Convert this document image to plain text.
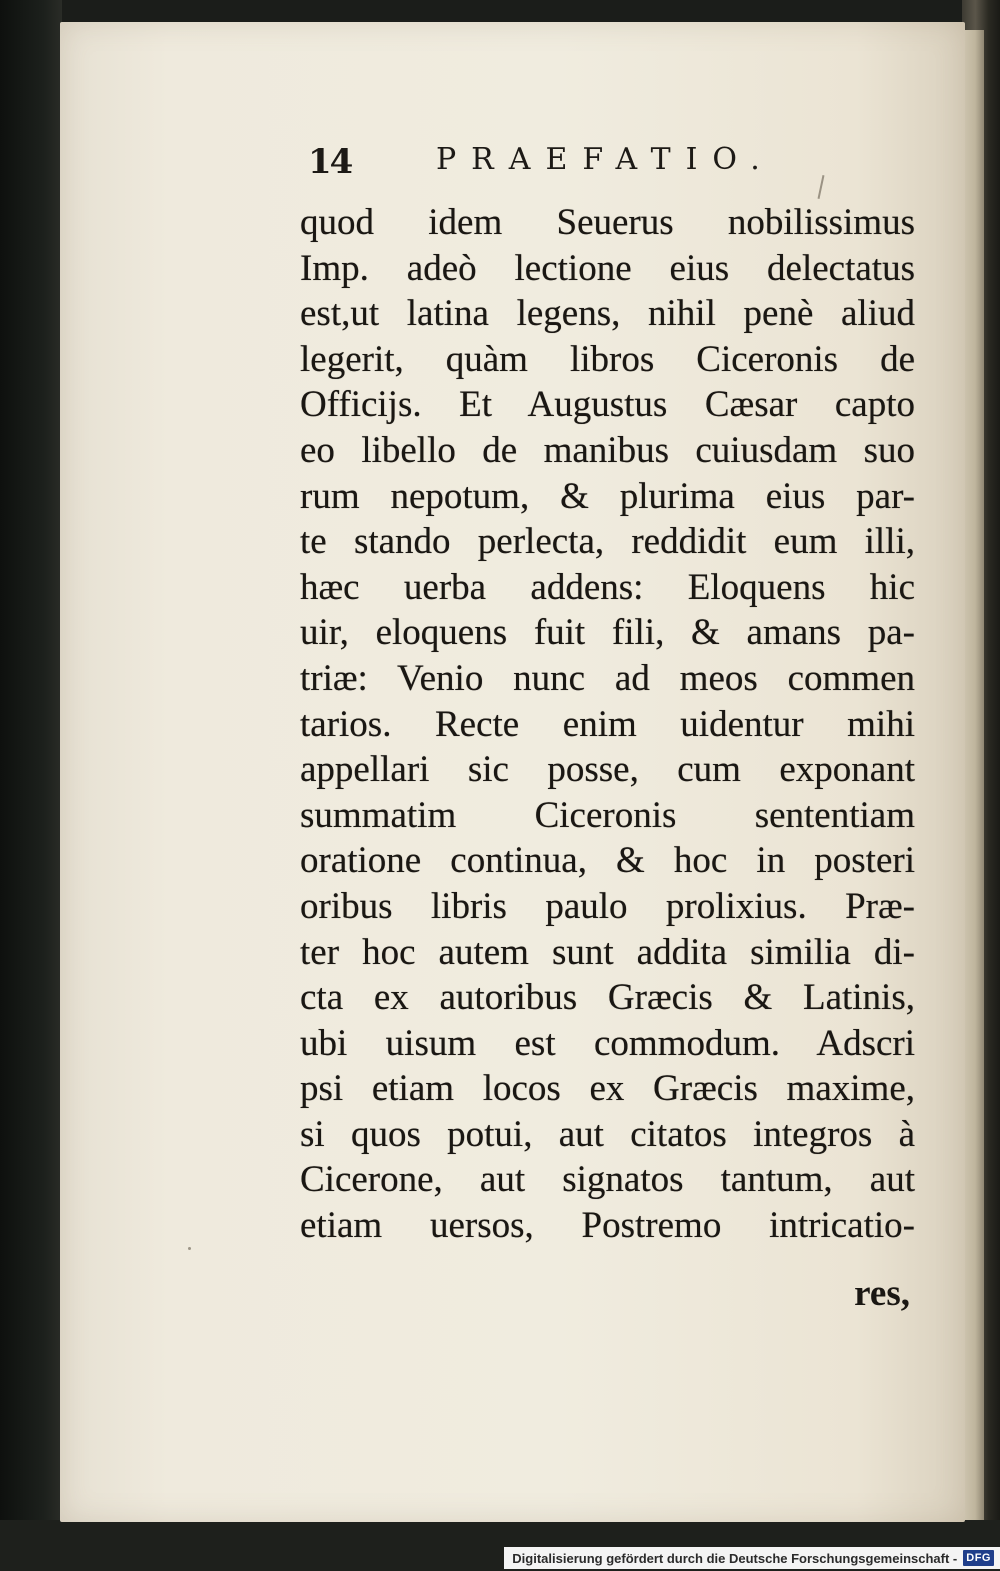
14	PRAEFATIO.
quod idem Seuerus nobilissimus
Imp. adeò lectione eius delectatus
est,ut latina legens, nihil penè aliud
legerit, quàm libros Ciceronis de
Officijs. Et Augustus Cæsar capto
eo libello de manibus cuiusdam suo
rum nepotum, & plurima eius par-
te stando perlecta, reddidit eum illi,
hæc uerba addens: Eloquens hic
uir, eloquens fuit fili, & amans pa-
triæ: Venio nunc ad meos commen
tarios. Recte enim uidentur mihi
appellari sic posse, cum exponant
summatim Ciceronis sententiam
oratione continua, & hoc in posteri
oribus libris paulo prolixius. Præ-
ter hoc autem sunt addita similia di-
cta ex autoribus Græcis & Latinis,
ubi uisum est commodum. Adscri
psi etiam locos ex Græcis maxime,
si quos potui, aut citatos integros à
Cicerone, aut signatos tantum, aut
etiam uersos, Postremo intricatio-
res,
Digitalisierung gefördert durch die Deutsche Forschungsgemeinschaft - DFG
